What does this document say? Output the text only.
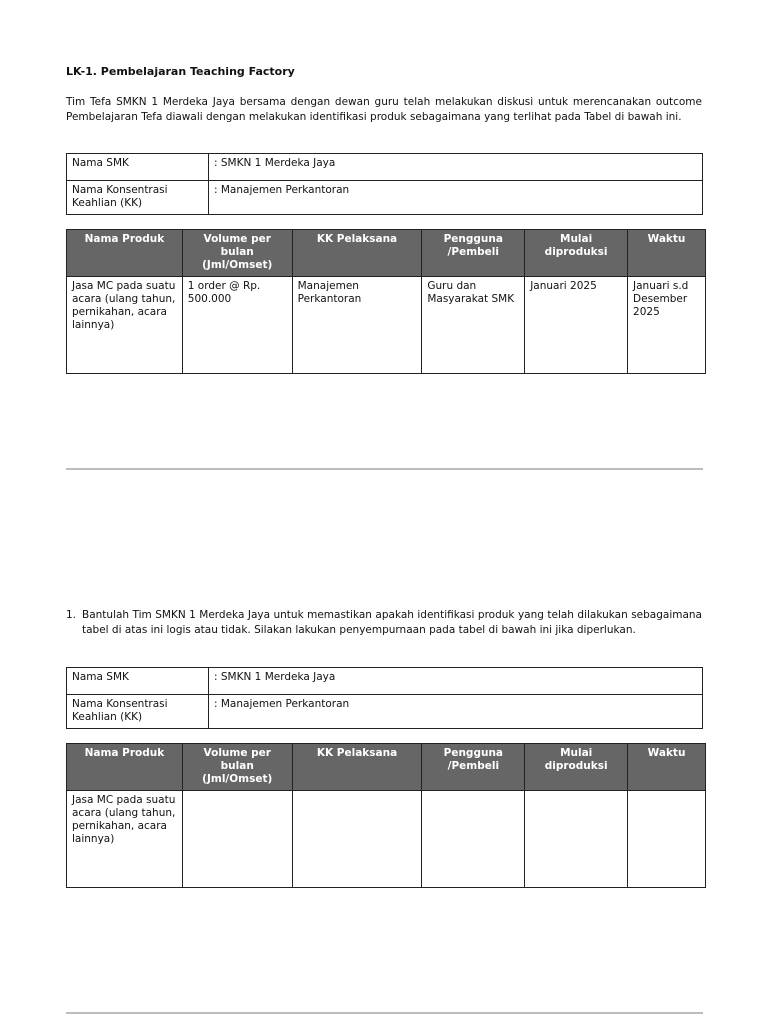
LK-1. Pembelajaran Teaching Factory

Tim Tefa SMKN 1 Merdeka Jaya bersama dengan dewan guru telah melakukan diskusi untuk merencanakan outcome Pembelajaran Tefa diawali dengan melakukan identifikasi produk sebagaimana yang terlihat pada Tabel di bawah ini.

Nama SMK	: SMKN 1 Merdeka Jaya
Nama Konsentrasi Keahlian (KK)	: Manajemen Perkantoran
Nama Produk	Volume per bulan (Jml/Omset)	KK Pelaksana	Pengguna /Pembeli	Mulai diproduksi	Waktu
Jasa MC pada suatu acara (ulang tahun, pernikahan, acara lainnya)	1 order @ Rp. 500.000	Manajemen Perkantoran	Guru dan Masyarakat SMK	Januari 2025	Januari s.d Desember 2025
1. Bantulah Tim SMKN 1 Merdeka Jaya untuk memastikan apakah identifikasi produk yang telah dilakukan sebagaimana tabel di atas ini logis atau tidak. Silakan lakukan penyempurnaan pada tabel di bawah ini jika diperlukan.
Nama SMK	: SMKN 1 Merdeka Jaya
Nama Konsentrasi Keahlian (KK)	: Manajemen Perkantoran
Nama Produk	Volume per bulan (Jml/Omset)	KK Pelaksana	Pengguna /Pembeli	Mulai diproduksi	Waktu
Jasa MC pada suatu acara (ulang tahun, pernikahan, acara lainnya)					
